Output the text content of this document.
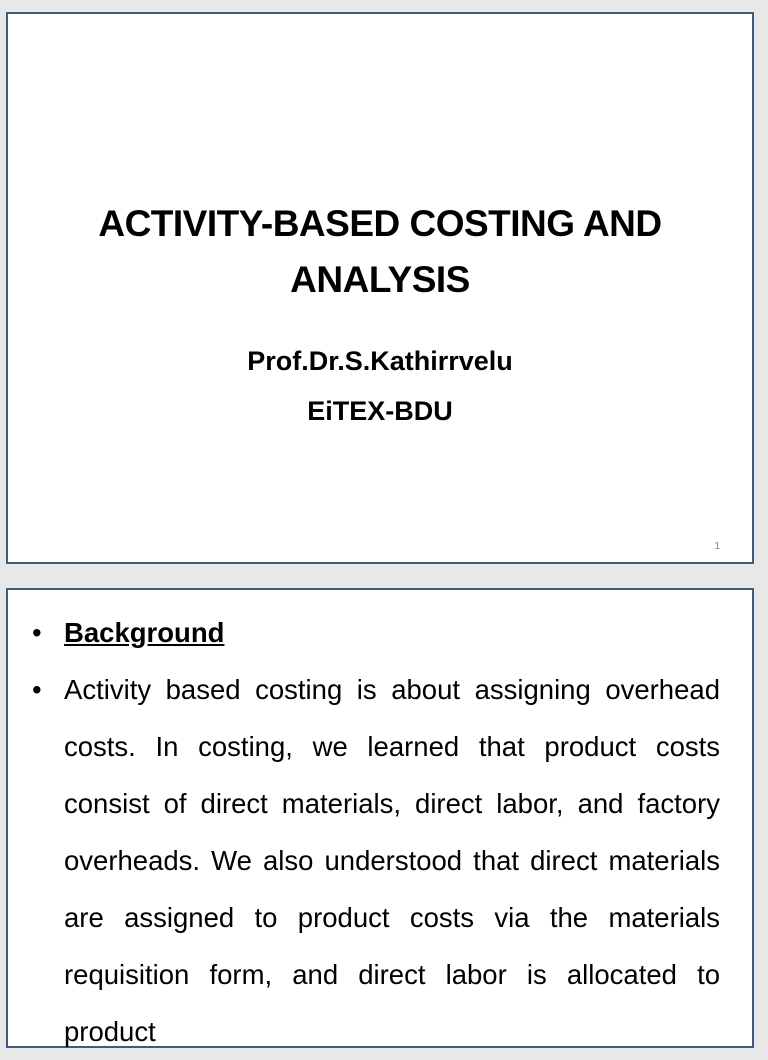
ACTIVITY-BASED COSTING AND ANALYSIS
Prof.Dr.S.Kathirrvelu
EiTEX-BDU
1
• Background
• Activity based costing is about assigning overhead costs. In costing, we learned that product costs consist of direct materials, direct labor, and factory overheads. We also understood that direct materials are assigned to product costs via the materials requisition form, and direct labor is allocated to product
